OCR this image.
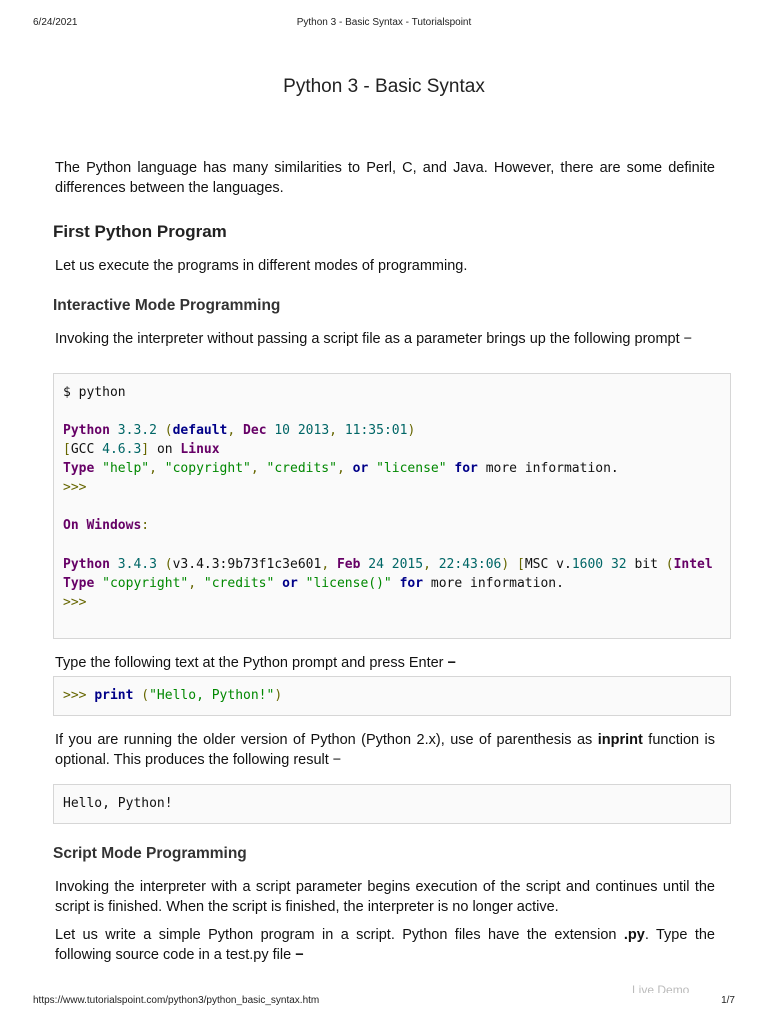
6/24/2021	Python 3 - Basic Syntax - Tutorialspoint
Python 3 - Basic Syntax
The Python language has many similarities to Perl, C, and Java. However, there are some definite differences between the languages.
First Python Program
Let us execute the programs in different modes of programming.
Interactive Mode Programming
Invoking the interpreter without passing a script file as a parameter brings up the following prompt −

$ python

Python 3.3.2 (default, Dec 10 2013, 11:35:01)

[GCC 4.6.3] on Linux

Type "help", "copyright", "credits", or "license" for more information.

>>>

On Windows:

Python 3.4.3 (v3.4.3:9b73f1c3e601, Feb 24 2015, 22:43:06) [MSC v.1600 32 bit (Intel

Type "copyright", "credits" or "license()" for more information.

>>>

Type the following text at the Python prompt and press Enter −

>>> print ("Hello, Python!")

If you are running the older version of Python (Python 2.x), use of parenthesis as inprint function is optional. This produces the following result −

Hello, Python!

Script Mode Programming
Invoking the interpreter with a script parameter begins execution of the script and continues until the script is finished. When the script is finished, the interpreter is no longer active.
Let us write a simple Python program in a script. Python files have the extension .py. Type the following source code in a test.py file −
Live Demo
https://www.tutorialspoint.com/python3/python_basic_syntax.htm	1/7
